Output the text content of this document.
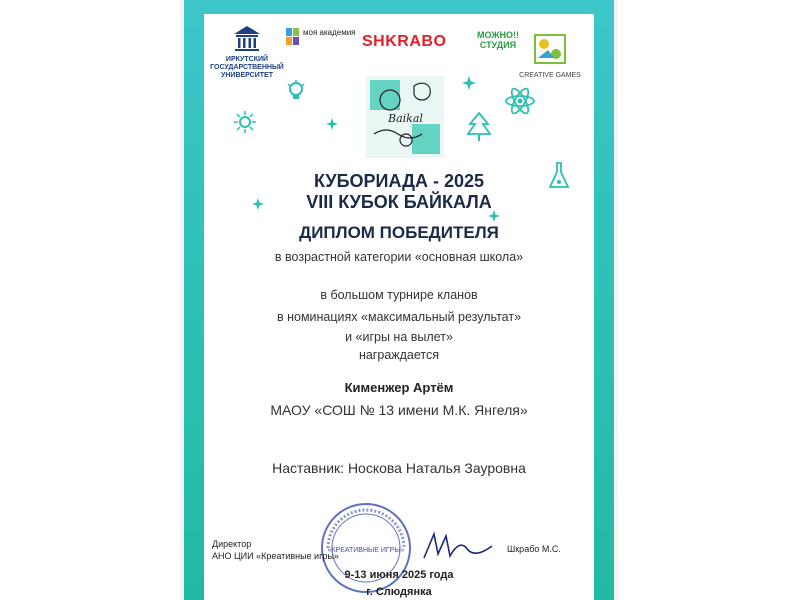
ИРКУТСКИЙ ГОСУДАРСТВЕННЫЙ УНИВЕРСИТЕТ
моя академия
SHKRABO	МОЖНО!! СТУДИЯ
CREATIVE GAMES
Baikal
КУБОРИАДА - 2025
VIII КУБОК БАЙКАЛА
ДИПЛОМ ПОБЕДИТЕЛЯ
в возрастной категории «основная школа»
в большом турнире кланов
в номинациях «максимальный результат»
и «игры на вылет»
награждается
Кименжер Артём
МАОУ «СОШ № 13 имени М.К. Янгеля»
Наставник: Носкова Наталья Зауровна
«КРЕАТИВНЫЕ ИГРЫ»
Директор
АНО ЦИИ «Креативные игры»
Шкрабо М.С.
9-13 июня 2025 года
г. Слюдянка
